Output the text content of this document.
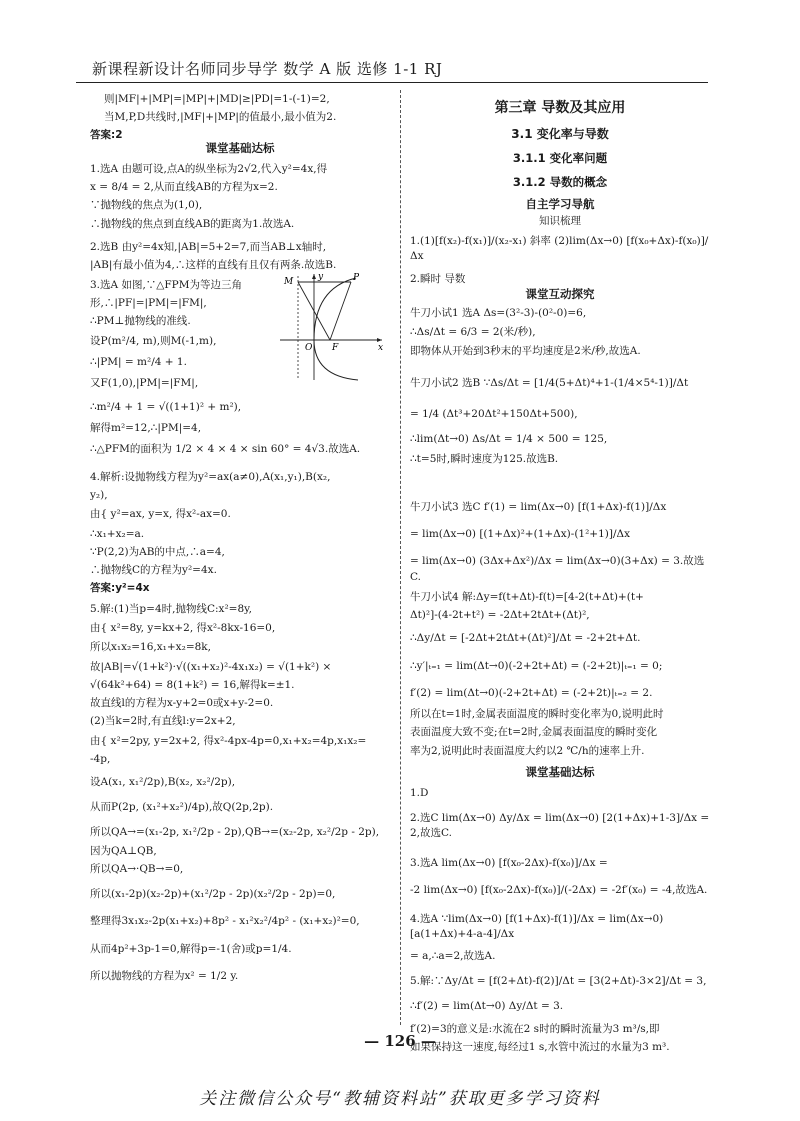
新课程新设计名师同步导学 数学 A 版 选修 1-1 RJ

则|MF|+|MP|=|MP|+|MD|≥|PD|=1-(-1)=2,

当M,P,D共线时,|MF|+|MP|的值最小,最小值为2.

答案:2

课堂基础达标

1.选A 由题可设,点A的纵坐标为2√2,代入y²=4x,得

x = 8/4 = 2,从而直线AB的方程为x=2.

∵抛物线的焦点为(1,0),

∴抛物线的焦点到直线AB的距离为1.故选A.

2.选B 由y²=4x知,|AB|=5+2=7,而当AB⊥x轴时,

|AB|有最小值为4,∴这样的直线有且仅有两条.故选B.

3.选A 如图,∵△FPM为等边三角

形,∴|PF|=|PM|=|FM|,

∴PM⊥抛物线的准线.

设P(m²/4, m),则M(-1,m),

∴|PM| = m²/4 + 1.

又F(1,0),|PM|=|FM|,

∴m²/4 + 1 = √((1+1)² + m²),

解得m²=12,∴|PM|=4,

∴△PFM的面积为 1/2 × 4 × 4 × sin 60° = 4√3.故选A.

4.解析:设抛物线方程为y²=ax(a≠0),A(x₁,y₁),B(x₂,

y₂),

由{ y²=ax, y=x, 得x²-ax=0.

∴x₁+x₂=a.

∵P(2,2)为AB的中点,∴a=4,

∴抛物线C的方程为y²=4x.

答案:y²=4x

5.解:(1)当p=4时,抛物线C:x²=8y,

由{ x²=8y, y=kx+2, 得x²-8kx-16=0,

所以x₁x₂=16,x₁+x₂=8k,

故|AB|=√(1+k²)·√((x₁+x₂)²-4x₁x₂) = √(1+k²) ×

√(64k²+64) = 8(1+k²) = 16,解得k=±1.

故直线l的方程为x-y+2=0或x+y-2=0.

(2)当k=2时,有直线l:y=2x+2,

由{ x²=2py, y=2x+2, 得x²-4px-4p=0,x₁+x₂=4p,x₁x₂=

-4p,

设A(x₁, x₁²/2p),B(x₂, x₂²/2p),

从而P(2p, (x₁²+x₂²)/4p),故Q(2p,2p).

所以QA→=(x₁-2p, x₁²/2p - 2p),QB→=(x₂-2p, x₂²/2p - 2p),

因为QA⊥QB,

所以QA→·QB→=0,

所以(x₁-2p)(x₂-2p)+(x₁²/2p - 2p)(x₂²/2p - 2p)=0,

整理得3x₁x₂-2p(x₁+x₂)+8p² - x₁²x₂²/4p² - (x₁+x₂)²=0,

从而4p²+3p-1=0,解得p=-1(舍)或p=1/4.

所以抛物线的方程为x² = 1/2 y.

M	P
O F	x
y

第三章 导数及其应用

3.1 变化率与导数

3.1.1 变化率问题

3.1.2 导数的概念

自主学习导航

知识梳理

1.(1)[f(x₂)-f(x₁)]/(x₂-x₁) 斜率 (2)lim(Δx→0) [f(x₀+Δx)-f(x₀)]/Δx

2.瞬时 导数

课堂互动探究

牛刀小试1 选A Δs=(3²-3)-(0²-0)=6,

∴Δs/Δt = 6/3 = 2(米/秒),

即物体从开始到3秒末的平均速度是2米/秒,故选A.

牛刀小试2 选B ∵Δs/Δt = [1/4(5+Δt)⁴+1-(1/4×5⁴-1)]/Δt

= 1/4 (Δt³+20Δt²+150Δt+500),

∴lim(Δt→0) Δs/Δt = 1/4 × 500 = 125,

∴t=5时,瞬时速度为125.故选B.

牛刀小试3 选C f′(1) = lim(Δx→0) [f(1+Δx)-f(1)]/Δx

= lim(Δx→0) [(1+Δx)²+(1+Δx)-(1²+1)]/Δx

= lim(Δx→0) (3Δx+Δx²)/Δx = lim(Δx→0)(3+Δx) = 3.故选C.

牛刀小试4 解:Δy=f(t+Δt)-f(t)=[4-2(t+Δt)+(t+

Δt)²]-(4-2t+t²) = -2Δt+2tΔt+(Δt)²,

∴Δy/Δt = [-2Δt+2tΔt+(Δt)²]/Δt = -2+2t+Δt.

∴y′|ₜ₌₁ = lim(Δt→0)(-2+2t+Δt) = (-2+2t)|ₜ₌₁ = 0;

f′(2) = lim(Δt→0)(-2+2t+Δt) = (-2+2t)|ₜ₌₂ = 2.

所以在t=1时,金属表面温度的瞬时变化率为0,说明此时

表面温度大致不变;在t=2时,金属表面温度的瞬时变化

率为2,说明此时表面温度大约以2 ℃/h的速率上升.

课堂基础达标

1.D

2.选C lim(Δx→0) Δy/Δx = lim(Δx→0) [2(1+Δx)+1-3]/Δx = 2,故选C.

3.选A lim(Δx→0) [f(x₀-2Δx)-f(x₀)]/Δx =

-2 lim(Δx→0) [f(x₀-2Δx)-f(x₀)]/(-2Δx) = -2f′(x₀) = -4,故选A.

4.选A ∵lim(Δx→0) [f(1+Δx)-f(1)]/Δx = lim(Δx→0) [a(1+Δx)+4-a-4]/Δx

= a,∴a=2,故选A.

5.解:∵Δy/Δt = [f(2+Δt)-f(2)]/Δt = [3(2+Δt)-3×2]/Δt = 3,

∴f′(2) = lim(Δt→0) Δy/Δt = 3.

f′(2)=3的意义是:水流在2 s时的瞬时流量为3 m³/s,即

如果保持这一速度,每经过1 s,水管中流过的水量为3 m³.

— 126 —
关注微信公众号“教辅资料站”获取更多学习资料
